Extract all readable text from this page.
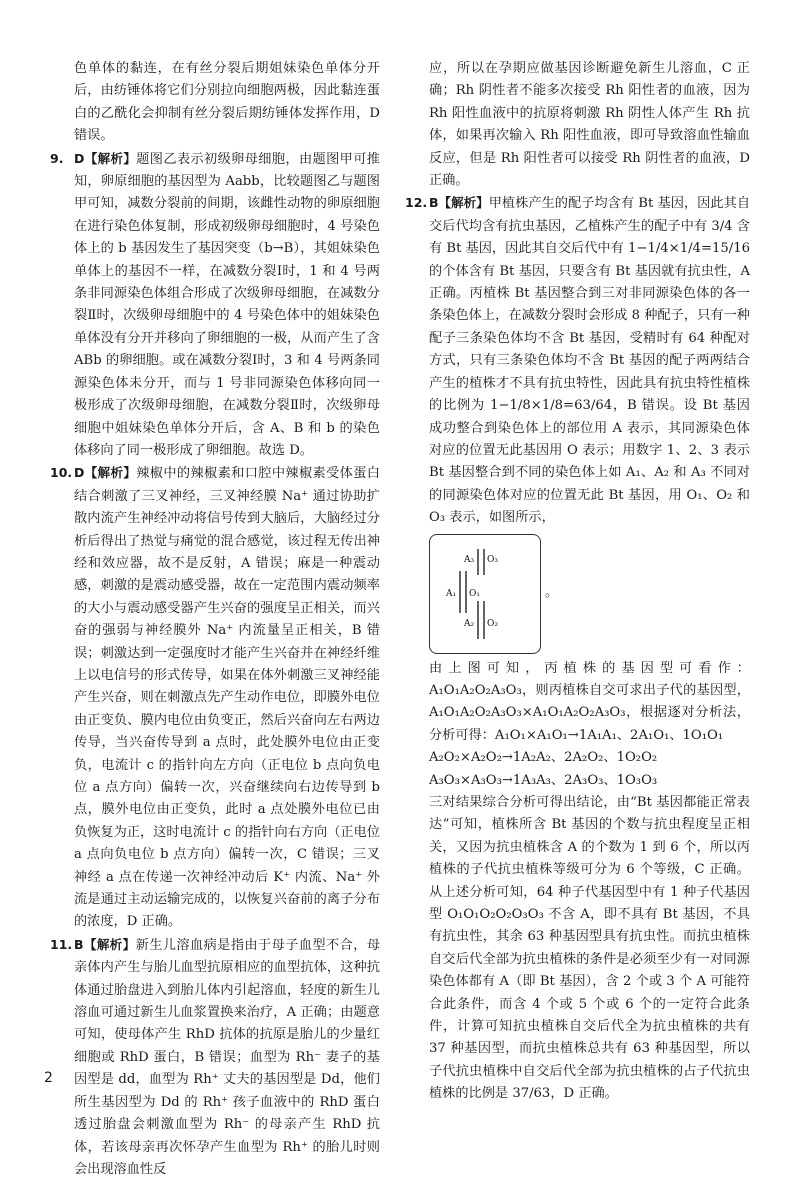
色单体的黏连，在有丝分裂后期姐妹染色单体分开后，由纺锤体将它们分别拉向细胞两极，因此黏连蛋白的乙酰化会抑制有丝分裂后期纺锤体发挥作用，D 错误。

9. D【解析】题图乙表示初级卵母细胞，由题图甲可推知，卵原细胞的基因型为 Aabb，比较题图乙与题图甲可知，减数分裂前的间期，该雌性动物的卵原细胞在进行染色体复制，形成初级卵母细胞时，4 号染色体上的 b 基因发生了基因突变（b→B），其姐妹染色单体上的基因不一样，在减数分裂Ⅰ时，1 和 4 号两条非同源染色体组合形成了次级卵母细胞，在减数分裂Ⅱ时，次级卵母细胞中的 4 号染色体中的姐妹染色单体没有分开并移向了卵细胞的一极，从而产生了含 ABb 的卵细胞。或在减数分裂Ⅰ时，3 和 4 号两条同源染色体未分开，而与 1 号非同源染色体移向同一极形成了次级卵母细胞，在减数分裂Ⅱ时，次级卵母细胞中姐妹染色单体分开后，含 A、B 和 b 的染色体移向了同一极形成了卵细胞。故选 D。
10. D【解析】辣椒中的辣椒素和口腔中辣椒素受体蛋白结合刺激了三叉神经，三叉神经膜 Na⁺ 通过协助扩散内流产生神经冲动将信号传到大脑后，大脑经过分析后得出了热觉与痛觉的混合感觉，该过程无传出神经和效应器，故不是反射，A 错误；麻是一种震动感，刺激的是震动感受器，故在一定范围内震动频率的大小与震动感受器产生兴奋的强度呈正相关，而兴奋的强弱与神经膜外 Na⁺ 内流量呈正相关，B 错误；刺激达到一定强度时才能产生兴奋并在神经纤维上以电信号的形式传导，如果在体外刺激三叉神经能产生兴奋，则在刺激点先产生动作电位，即膜外电位由正变负、膜内电位由负变正，然后兴奋向左右两边传导，当兴奋传导到 a 点时，此处膜外电位由正变负，电流计 c 的指针向左方向（正电位 b 点向负电位 a 点方向）偏转一次，兴奋继续向右边传导到 b 点，膜外电位由正变负，此时 a 点处膜外电位已由负恢复为正，这时电流计 c 的指针向右方向（正电位 a 点向负电位 b 点方向）偏转一次，C 错误；三叉神经 a 点在传递一次神经冲动后 K⁺ 内流、Na⁺ 外流是通过主动运输完成的，以恢复兴奋前的离子分布的浓度，D 正确。
11. B【解析】新生儿溶血病是指由于母子血型不合，母亲体内产生与胎儿血型抗原相应的血型抗体，这种抗体通过胎盘进入到胎儿体内引起溶血，轻度的新生儿溶血可通过新生儿血浆置换来治疗，A 正确；由题意可知，使母体产生 RhD 抗体的抗原是胎儿的少量红细胞或 RhD 蛋白，B 错误；血型为 Rh⁻ 妻子的基因型是 dd，血型为 Rh⁺ 丈夫的基因型是 Dd，他们所生基因型为 Dd 的 Rh⁺ 孩子血液中的 RhD 蛋白透过胎盘会刺激血型为 Rh⁻ 的母亲产生 RhD 抗体，若该母亲再次怀孕产生血型为 Rh⁺ 的胎儿时则会出现溶血性反

应，所以在孕期应做基因诊断避免新生儿溶血，C 正确；Rh 阴性者不能多次接受 Rh 阳性者的血液，因为 Rh 阳性血液中的抗原将刺激 Rh 阴性人体产生 Rh 抗体，如果再次输入 Rh 阳性血液，即可导致溶血性输血反应，但是 Rh 阳性者可以接受 Rh 阴性者的血液，D 正确。

12. B【解析】甲植株产生的配子均含有 Bt 基因，因此其自交后代均含有抗虫基因，乙植株产生的配子中有 3/4 含有 Bt 基因，因此其自交后代中有 1−1/4×1/4=15/16 的个体含有 Bt 基因，只要含有 Bt 基因就有抗虫性，A 正确。丙植株 Bt 基因整合到三对非同源染色体的各一条染色体上，在减数分裂时会形成 8 种配子，只有一种配子三条染色体均不含 Bt 基因，受精时有 64 种配对方式，只有三条染色体均不含 Bt 基因的配子两两结合产生的植株才不具有抗虫特性，因此具有抗虫特性植株的比例为 1−1/8×1/8=63/64，B 错误。设 Bt 基因成功整合到染色体上的部位用 A 表示，其同源染色体对应的位置无此基因用 O 表示；用数字 1、2、3 表示 Bt 基因整合到不同的染色体上如 A₁、A₂ 和 A₃ 不同对的同源染色体对应的位置无此 Bt 基因，用 O₁、O₂ 和 O₃ 表示，如图所示，
A₃ O₃
A₁ O₁
A₂ O₂
。

由上图可知，丙植株的基因型可看作：A₁O₁A₂O₂A₃O₃，则丙植株自交可求出子代的基因型，A₁O₁A₂O₂A₃O₃×A₁O₁A₂O₂A₃O₃，根据逐对分析法，分析可得：A₁O₁×A₁O₁→1A₁A₁、2A₁O₁、1O₁O₁

A₂O₂×A₂O₂→1A₂A₂、2A₂O₂、1O₂O₂

A₃O₃×A₃O₃→1A₃A₃、2A₃O₃、1O₃O₃

三对结果综合分析可得出结论，由“Bt 基因都能正常表达”可知，植株所含 Bt 基因的个数与抗虫程度呈正相关，又因为抗虫植株含 A 的个数为 1 到 6 个，所以丙植株的子代抗虫植株等级可分为 6 个等级，C 正确。从上述分析可知，64 种子代基因型中有 1 种子代基因型 O₁O₁O₂O₂O₃O₃ 不含 A，即不具有 Bt 基因，不具有抗虫性，其余 63 种基因型具有抗虫性。而抗虫植株自交后代全部为抗虫植株的条件是必须至少有一对同源染色体都有 A（即 Bt 基因），含 2 个或 3 个 A 可能符合此条件，而含 4 个或 5 个或 6 个的一定符合此条件，计算可知抗虫植株自交后代全为抗虫植株的共有 37 种基因型，而抗虫植株总共有 63 种基因型，所以子代抗虫植株中自交后代全部为抗虫植株的占子代抗虫植株的比例是 37/63，D 正确。

2
